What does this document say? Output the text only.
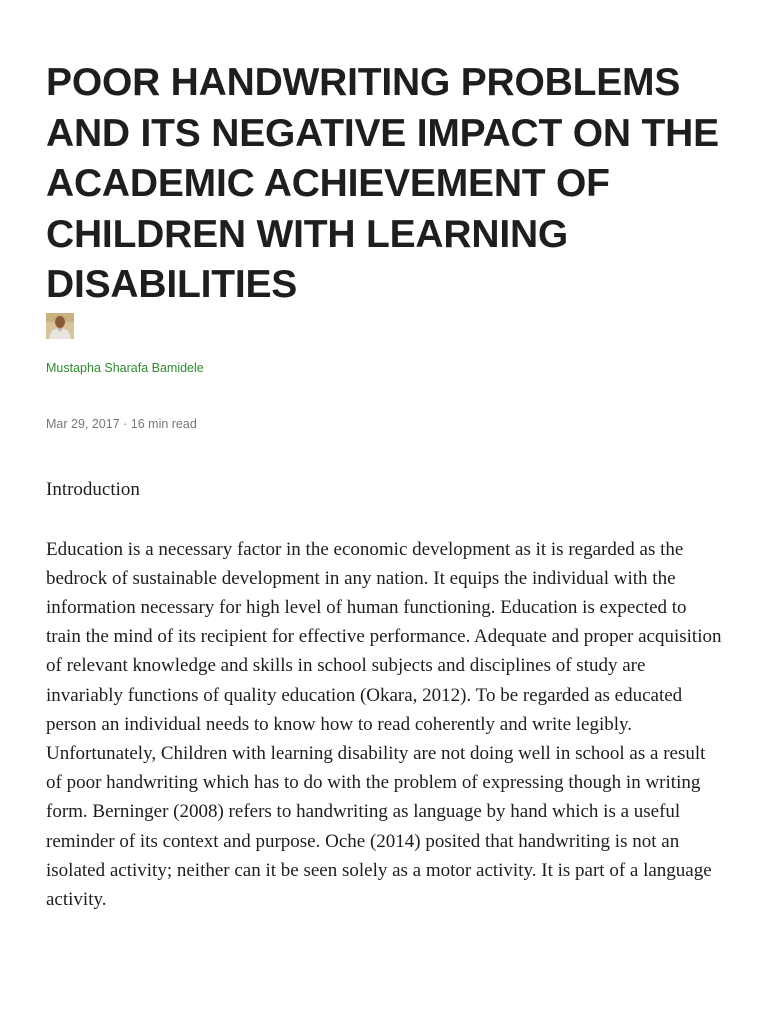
POOR HANDWRITING PROBLEMS AND ITS NEGATIVE IMPACT ON THE ACADEMIC ACHIEVEMENT OF CHILDREN WITH LEARNING DISABILITIES
Mustapha Sharafa Bamidele
Mar 29, 2017 · 16 min read
Introduction

Education is a necessary factor in the economic development as it is regarded as the bedrock of sustainable development in any nation. It equips the individual with the information necessary for high level of human functioning. Education is expected to train the mind of its recipient for effective performance. Adequate and proper acquisition of relevant knowledge and skills in school subjects and disciplines of study are invariably functions of quality education (Okara, 2012). To be regarded as educated person an individual needs to know how to read coherently and write legibly.

Unfortunately, Children with learning disability are not doing well in school as a result of poor handwriting which has to do with the problem of expressing though in writing form. Berninger (2008) refers to handwriting as language by hand which is a useful reminder of its context and purpose. Oche (2014) posited that handwriting is not an isolated activity; neither can it be seen solely as a motor activity. It is part of a language activity.
